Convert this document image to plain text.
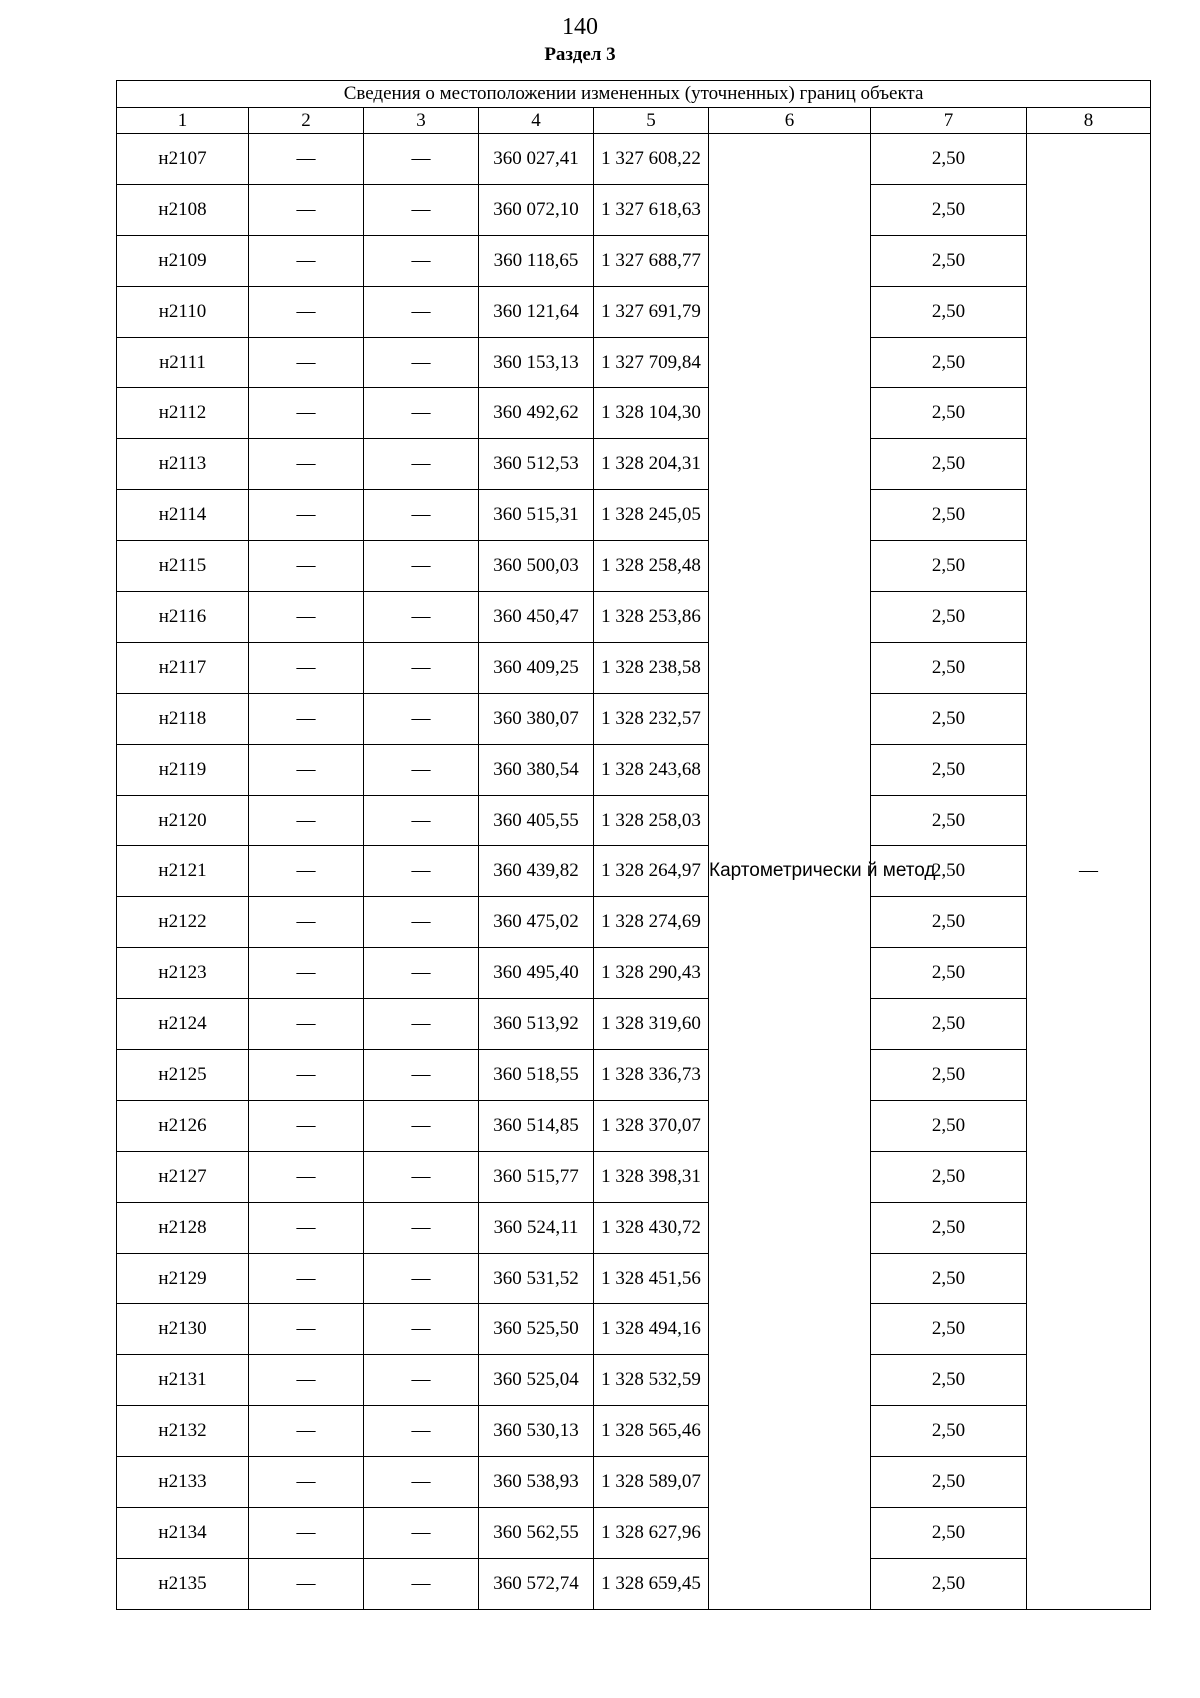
140
Раздел 3
Сведения о местоположении измененных (уточненных) границ объекта							
1	2	3	4	5	6	7	8
н2107	—	—	360 027,41	1 327 608,22	Картометрически й метод	2,50	—
н2108	—	—	360 072,10	1 327 618,63		2,50	
н2109	—	—	360 118,65	1 327 688,77		2,50	
н2110	—	—	360 121,64	1 327 691,79		2,50	
н2111	—	—	360 153,13	1 327 709,84		2,50	
н2112	—	—	360 492,62	1 328 104,30		2,50	
н2113	—	—	360 512,53	1 328 204,31		2,50	
н2114	—	—	360 515,31	1 328 245,05		2,50	
н2115	—	—	360 500,03	1 328 258,48		2,50	
н2116	—	—	360 450,47	1 328 253,86		2,50	
н2117	—	—	360 409,25	1 328 238,58		2,50	
н2118	—	—	360 380,07	1 328 232,57		2,50	
н2119	—	—	360 380,54	1 328 243,68		2,50	
н2120	—	—	360 405,55	1 328 258,03		2,50	
н2121	—	—	360 439,82	1 328 264,97		2,50	
н2122	—	—	360 475,02	1 328 274,69		2,50	
н2123	—	—	360 495,40	1 328 290,43		2,50	
н2124	—	—	360 513,92	1 328 319,60		2,50	
н2125	—	—	360 518,55	1 328 336,73		2,50	
н2126	—	—	360 514,85	1 328 370,07		2,50	
н2127	—	—	360 515,77	1 328 398,31		2,50	
н2128	—	—	360 524,11	1 328 430,72		2,50	
н2129	—	—	360 531,52	1 328 451,56		2,50	
н2130	—	—	360 525,50	1 328 494,16		2,50	
н2131	—	—	360 525,04	1 328 532,59		2,50	
н2132	—	—	360 530,13	1 328 565,46		2,50	
н2133	—	—	360 538,93	1 328 589,07		2,50	
н2134	—	—	360 562,55	1 328 627,96		2,50	
н2135	—	—	360 572,74	1 328 659,45		2,50	
